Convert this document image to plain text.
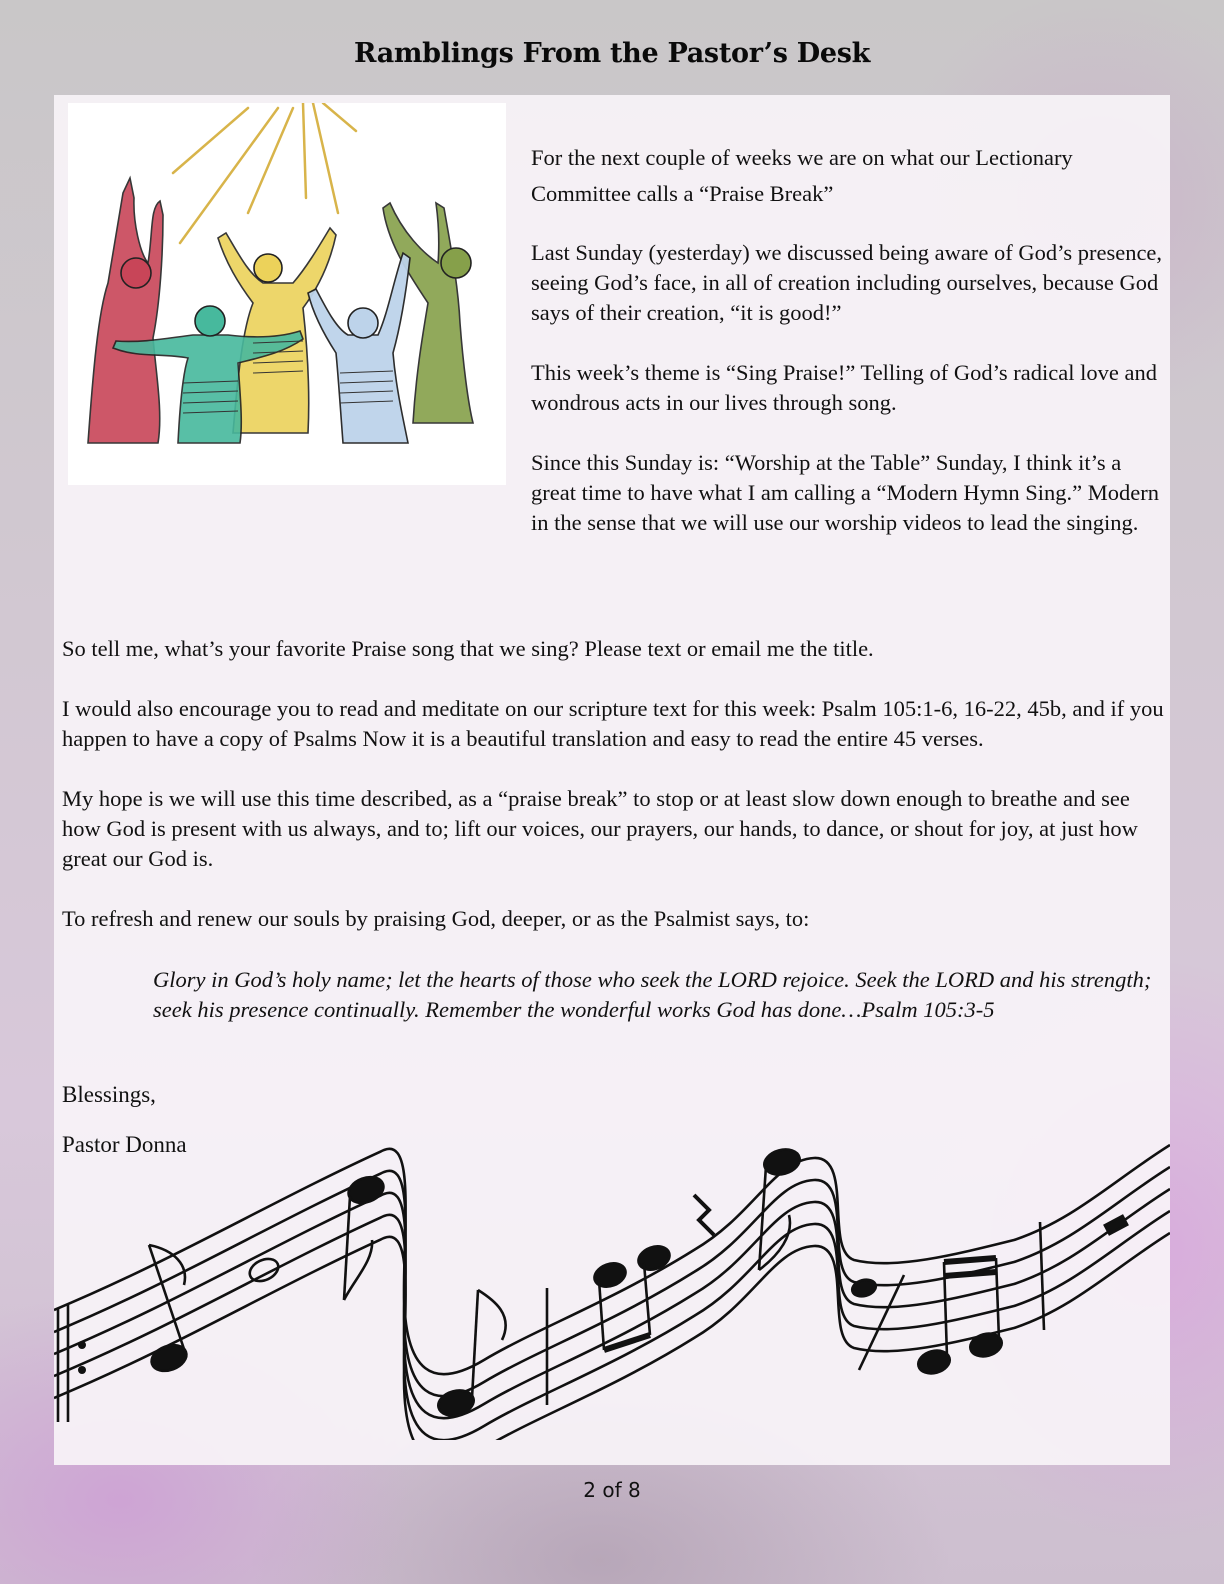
Ramblings From the Pastor’s Desk

For the next couple of weeks we are on what our Lectionary Committee calls a “Praise Break”

Last Sunday (yesterday) we discussed being aware of God’s presence, seeing God’s face, in all of creation including ourselves, because God says of their creation, “it is good!”

This week’s theme is “Sing Praise!” Telling of God’s radical love and wondrous acts in our lives through song.

Since this Sunday is: “Worship at the Table” Sunday, I think it’s a great time to have what I am calling a “Modern Hymn Sing.” Modern in the sense that we will use our worship videos to lead the singing.

So tell me, what’s your favorite Praise song that we sing? Please text or email me the title.

I would also encourage you to read and meditate on our scripture text for this week: Psalm 105:1-6, 16-22, 45b, and if you happen to have a copy of Psalms Now it is a beautiful translation and easy to read the entire 45 verses.

My hope is we will use this time described, as a “praise break” to stop or at least slow down enough to breathe and see how God is present with us always, and to; lift our voices, our prayers, our hands, to dance, or shout for joy, at just how great our God is.

To refresh and renew our souls by praising God, deeper, or as the Psalmist says, to:

Glory in God’s holy name; let the hearts of those who seek the LORD rejoice. Seek the LORD and his strength; seek his presence continually. Remember the wonderful works God has done…Psalm 105:3-5
Blessings,
Pastor Donna
2 of 8
